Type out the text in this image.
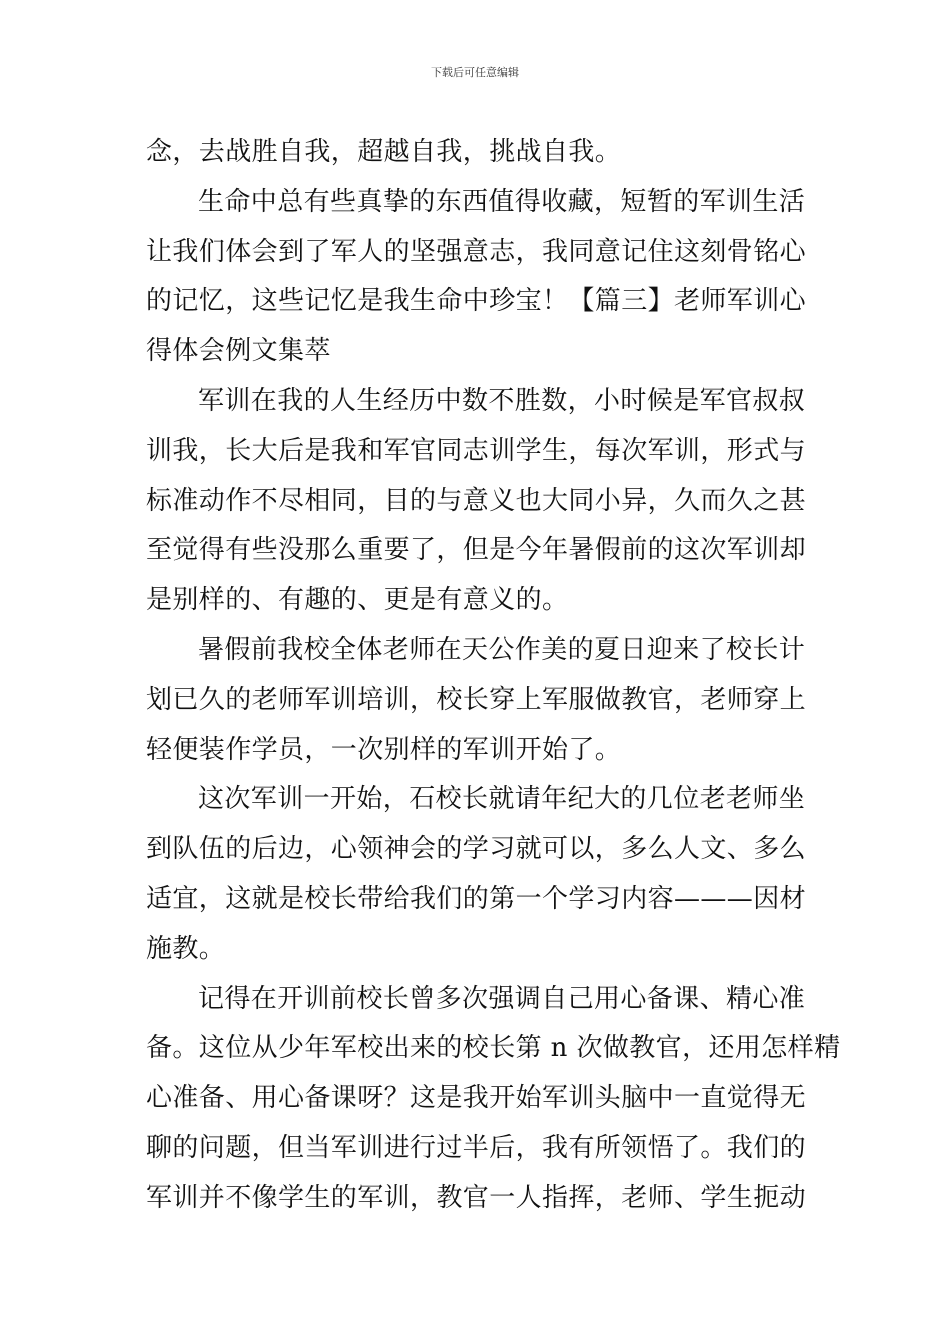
下载后可任意编辑
念，去战胜自我，超越自我，挑战自我。
生命中总有些真挚的东西值得收藏，短暂的军训生活
让我们体会到了军人的坚强意志，我同意记住这刻骨铭心
的记忆，这些记忆是我生命中珍宝！【篇三】老师军训心
得体会例文集萃
军训在我的人生经历中数不胜数，小时候是军官叔叔
训我，长大后是我和军官同志训学生，每次军训，形式与
标准动作不尽相同，目的与意义也大同小异，久而久之甚
至觉得有些没那么重要了，但是今年暑假前的这次军训却
是别样的、有趣的、更是有意义的。
暑假前我校全体老师在天公作美的夏日迎来了校长计
划已久的老师军训培训，校长穿上军服做教官，老师穿上
轻便装作学员，一次别样的军训开始了。
这次军训一开始，石校长就请年纪大的几位老老师坐
到队伍的后边，心领神会的学习就可以，多么人文、多么
适宜，这就是校长带给我们的第一个学习内容———因材
施教。
记得在开训前校长曾多次强调自己用心备课、精心准
备。这位从少年军校出来的校长第 n 次做教官，还用怎样精
心准备、用心备课呀？这是我开始军训头脑中一直觉得无
聊的问题，但当军训进行过半后，我有所领悟了。我们的
军训并不像学生的军训，教官一人指挥，老师、学生扼动
